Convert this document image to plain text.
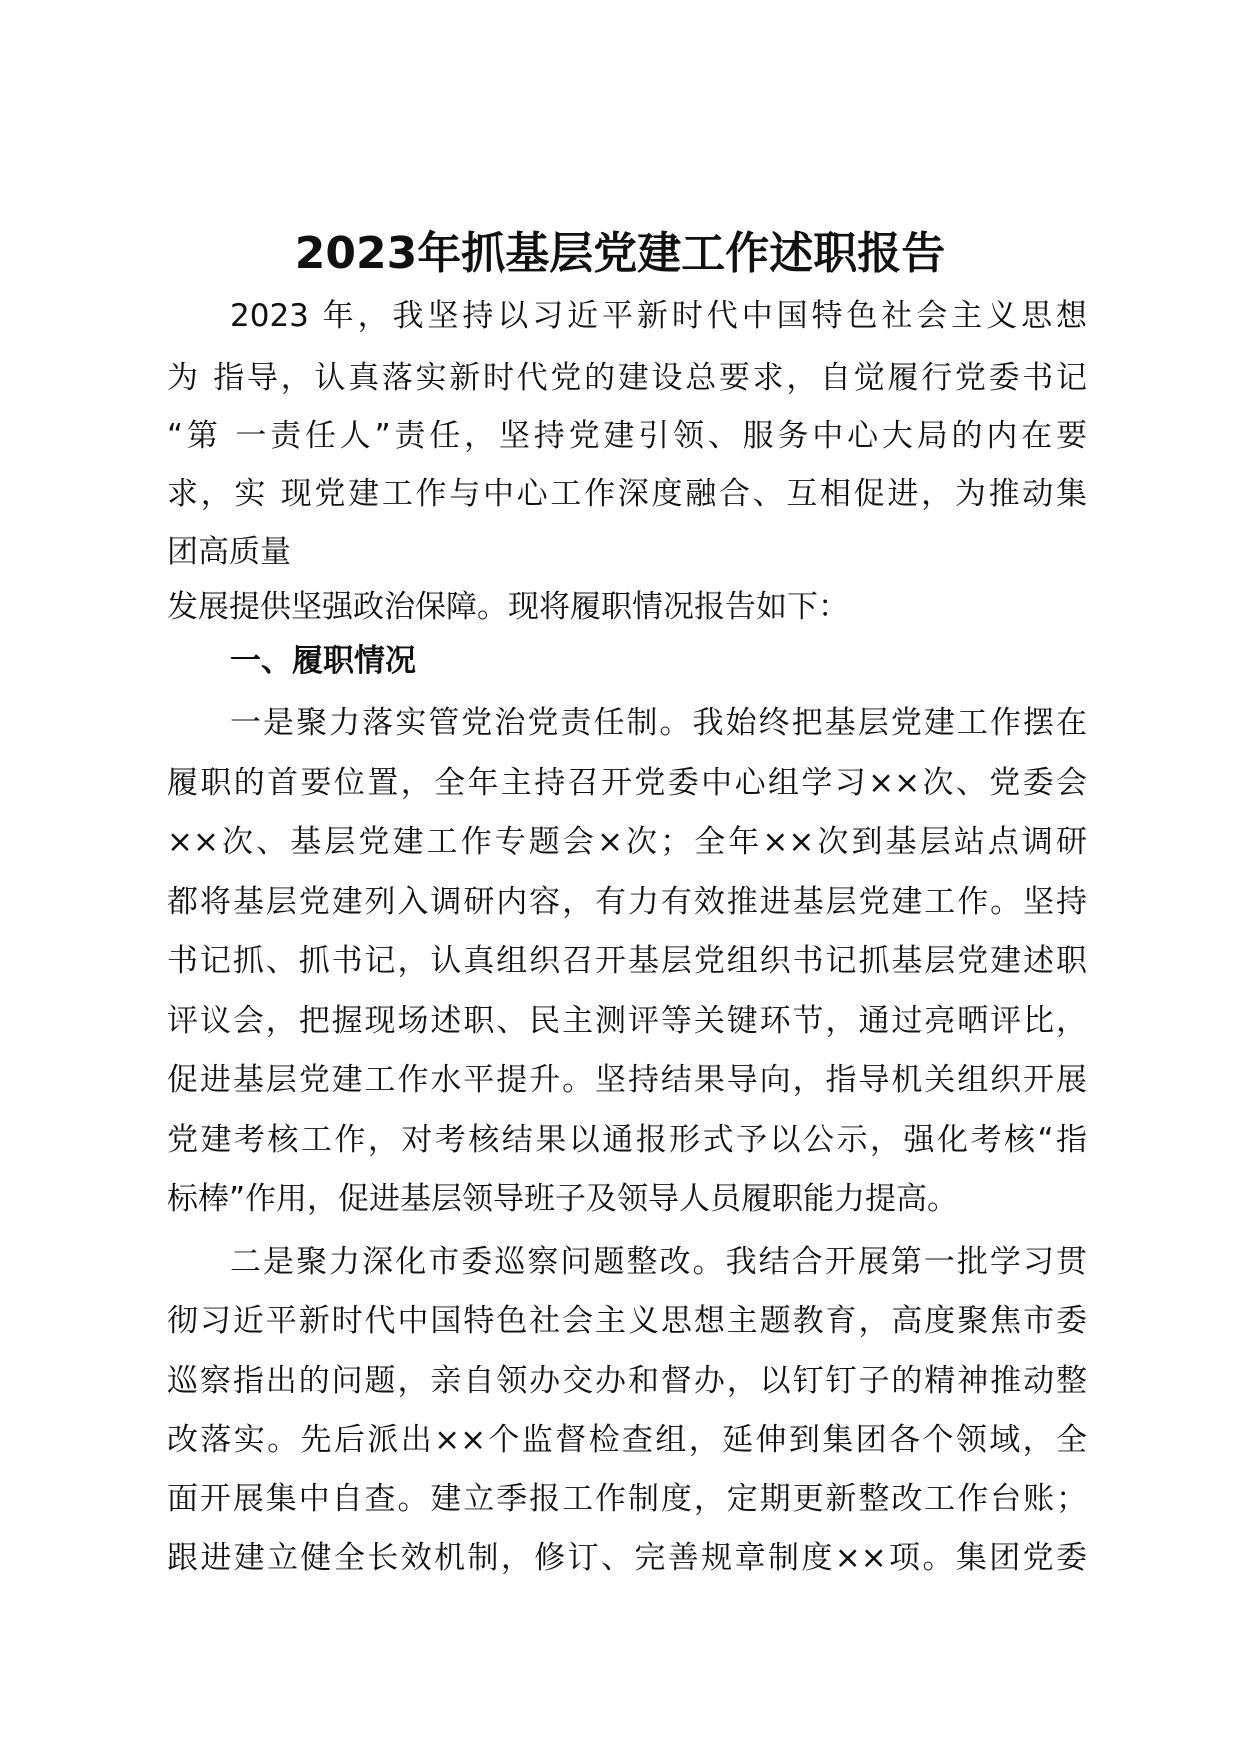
2023年抓基层党建工作述职报告
2023 年，我坚持以习近平新时代中国特色社会主义思想
为 指导，认真落实新时代党的建设总要求，自觉履行党委书记
“第 一责任人”责任，坚持党建引领、服务中心大局的内在要
求，实 现党建工作与中心工作深度融合、互相促进，为推动集
团高质量
发展提供坚强政治保障。现将履职情况报告如下：
一、履职情况
一是聚力落实管党治党责任制。我始终把基层党建工作摆在
履职的首要位置，全年主持召开党委中心组学习××次、党委会
××次、基层党建工作专题会×次；全年××次到基层站点调研
都将基层党建列入调研内容，有力有效推进基层党建工作。坚持
书记抓、抓书记，认真组织召开基层党组织书记抓基层党建述职
评议会，把握现场述职、民主测评等关键环节，通过亮晒评比，
促进基层党建工作水平提升。坚持结果导向，指导机关组织开展
党建考核工作，对考核结果以通报形式予以公示，强化考核“指
标棒”作用，促进基层领导班子及领导人员履职能力提高。
二是聚力深化市委巡察问题整改。我结合开展第一批学习贯
彻习近平新时代中国特色社会主义思想主题教育，高度聚焦市委
巡察指出的问题，亲自领办交办和督办，以钉钉子的精神推动整
改落实。先后派出××个监督检查组，延伸到集团各个领域，全
面开展集中自查。建立季报工作制度，定期更新整改工作台账；
跟进建立健全长效机制，修订、完善规章制度××项。集团党委
